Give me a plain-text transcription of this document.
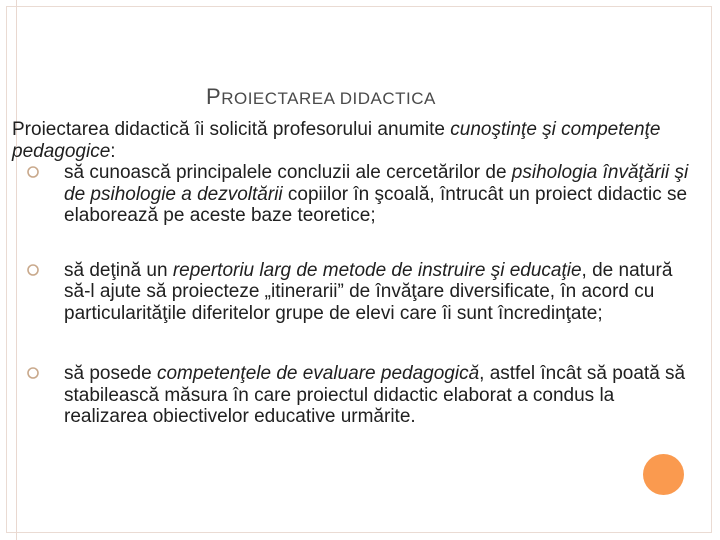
PROIECTAREA DIDACTICA

Proiectarea didactică îi solicită profesorului anumite cunoştinţe şi competenţe pedagogice:

să cunoască principalele concluzii ale cercetărilor de psihologia învăţării şi de psihologie a dezvoltării copiilor în şcoală, întrucât un proiect didactic se elaborează pe aceste baze teoretice;

să deţină un repertoriu larg de metode de instruire şi educaţie, de natură să-l ajute să proiecteze „itinerarii” de învăţare diversificate, în acord cu particularităţile diferitelor grupe de elevi care îi sunt încredinţate;

să posede competenţele de evaluare pedagogică, astfel încât să poată să stabilească măsura în care proiectul didactic elaborat a condus la realizarea obiectivelor educative urmărite.
